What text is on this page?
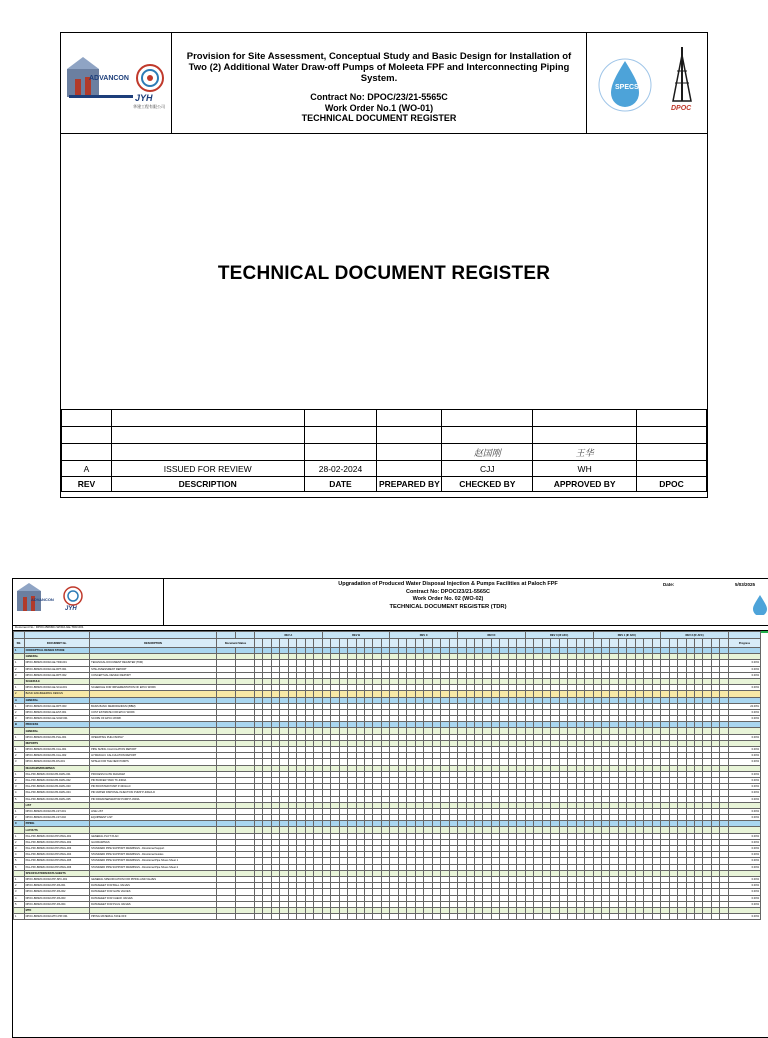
ADVANCON
JYH
华建工程有限公司
Provision for Site Assessment, Conceptual Study and Basic Design for Installation of Two (2) Additional Water Draw-off Pumps of Moleeta FPF and Interconnecting Piping System.
Contract No: DPOC/23/21-5565C
Work Order No.1 (WO-01)
TECHNICAL DOCUMENT REGISTER
SPECS
DPOC
TECHNICAL DOCUMENT REGISTER

				赵国刚	王华	
A	ISSUED FOR REVIEW	28-02-2024		CJJ	WH	
REV	DESCRIPTION	DATE	PREPARED BY	CHECKED BY	APPROVED BY	DPOC
ADVANCON
JYH
Upgradation of Produced Water Disposal Injection & Pumps Facilities at Paloch FPF
Contract No: DPOC/23/21-5565C
Work Order No. 02 (WO-02)
TECHNICAL DOCUMENT REGISTER (TDR)
Date:	5/03/2025
Document No.: DPOC-B06MC-WO02-GE-TDR-001
					REV A								REV B								REV C								REV D								REV 0 (IF AFC)								REV 1 (IF AFC)								REV 2 (IF AFC)								
SN.	DOCUMENT No.	DESCRIPTION	Document Status																																																										Progress
1	CONCEPTUAL DESIGN STUDIE																																																												
	GENERAL																																																												
1	DPOC-B06MC-WO02-GE-TDR-001	TECHNICAL DOCUMENT REGISTER (TDR)																																																											0.00%
2	DPOC-B06MC-WO02-GE-RPT-001	SITE ASSESSMENT REPORT																																																											0.00%
3	DPOC-B06MC-WO02-GE-RPT-002	CONCEPTUAL DESIGN REPORT																																																											0.00%
	SCHEDULE																																																												
1	DPOC-B06MC-WO02-GE-SCH-001	SCHEDULE FOR IMPLEMENTATION OF EPCC WORK																																																											0.00%
2	BASIC ENGINEERING DESIGN																																																												
A	GENERAL																																																												
1	DPOC-B06MC-WO02-GE-RPT-003	BASIS BASIC MEMORANDUM (BBM)																																																											22.00%
2	DPOC-B06MC-WO02-GE-EST-001	COST ESTIMATE FOR EPCC WORK																																																											0.00%
3	DPOC-B06MC-WO02-GE-SOW-001	SCOPE OF EPCC WORK																																																											0.00%
B	PROCESS																																																												
	GENERAL																																																												
1	DPOC-B06MC-WO02-PR-PHL-001	OPERATING PHILOSOPHY																																																											0.00%
	REPORTS																																																												
1	DPOC-B06MC-WO02-PR-CAL-001	PIPE SIZING CALCULATION REPORT																																																											0.00%
2	DPOC-B06MC-WO02-PR-CAL-002	HYDRAULIC CALCULATION REPORT																																																											0.00%
3	DPOC-B06MC-WO02-PR-DS-001	NPSHA FOR THE NEW PUMPS																																																											0.00%
	DIAGRAMS/DRAWINGS																																																												
1	PAL-PFF-B06MC-WO02-PR-DWG-001	PROCESS FLOW DIAGRAM																																																											0.00%
2	PAL-PFF-B06MC-WO02-PR-DWG-002	PID BUFFER TANK TK-3300A																																																											0.00%
3	PAL-PFF-B06MC-WO02-PR-DWG-003	PID BOOSTER PUMP P-3301A-D																																																											0.00%
4	PAL-PFF-B06MC-WO02-PR-DWG-004	PID WATER DISPOSAL INJECTION PUMP P-3302A-D																																																											0.00%
5	PAL-PFF-B06MC-WO02-PR-DWG-005	PID DRAIN/SEPARATOR PUMP P-3303A																																																											0.00%
	LIST																																																												
1	DPOC-B06MC-WO02-PR-LST-001	LINE LIST																																																											0.00%
2	DPOC-B06MC-WO02-PR-LST-002	EQUIPMENT LIST																																																											0.00%
C	PIPING																																																												
	LAYOUTS																																																												
1	PAL-PFF-B06MC-WO02-PIP-DWG-001	GENERAL PLOT PLAN																																																											0.00%
2	PAL-PFF-B06MC-WO02-PIP-DWG-002	GA DRAWINGS																																																											0.00%
3	PAL-PFF-B06MC-WO02-PIP-DWG-003	STANDARD PIPE SUPPORT DRAWINGS - Directional Support																																																											0.00%
4	PAL-PFF-B06MC-WO02-PIP-DWG-004	STANDARD PIPE SUPPORT DRAWINGS - Directional Guides																																																											0.00%
5	PAL-PFF-B06MC-WO02-PIP-DWG-005	STANDARD PIPE SUPPORT DRAWINGS - Directional Pipe Shoes Sheet 1																																																											0.00%
6	PAL-PFF-B06MC-WO02-PIP-DWG-006	STANDARD PIPE SUPPORT DRAWINGS - Directional Pipe Shoes Sheet 2																																																											0.00%
	SPECIFICATIONS/DATA SHEETS																																																												
1	DPOC-B06MC-WO02-PIP-SPC-001	GENERAL SPECIFICATION FOR PIPING AND VALVES																																																											0.00%
2	DPOC-B06MC-WO02-PIP-DS-001	DATASHEET FOR BALL VALVES																																																											0.00%
3	DPOC-B06MC-WO02-PIP-DS-002	DATASHEET FOR GATE VALVES																																																											0.00%
4	DPOC-B06MC-WO02-PIP-DS-003	DATASHEET FOR CHECK VALVES																																																											0.00%
5	DPOC-B06MC-WO02-PIP-DS-004	DATASHEET FOR PLUG VALVES																																																											0.00%
	MTO																																																												
1	DPOC-B06MC-WO02-MTO-PIP-001	PIPING MATERIAL TAKE OFF																																																											0.00%
